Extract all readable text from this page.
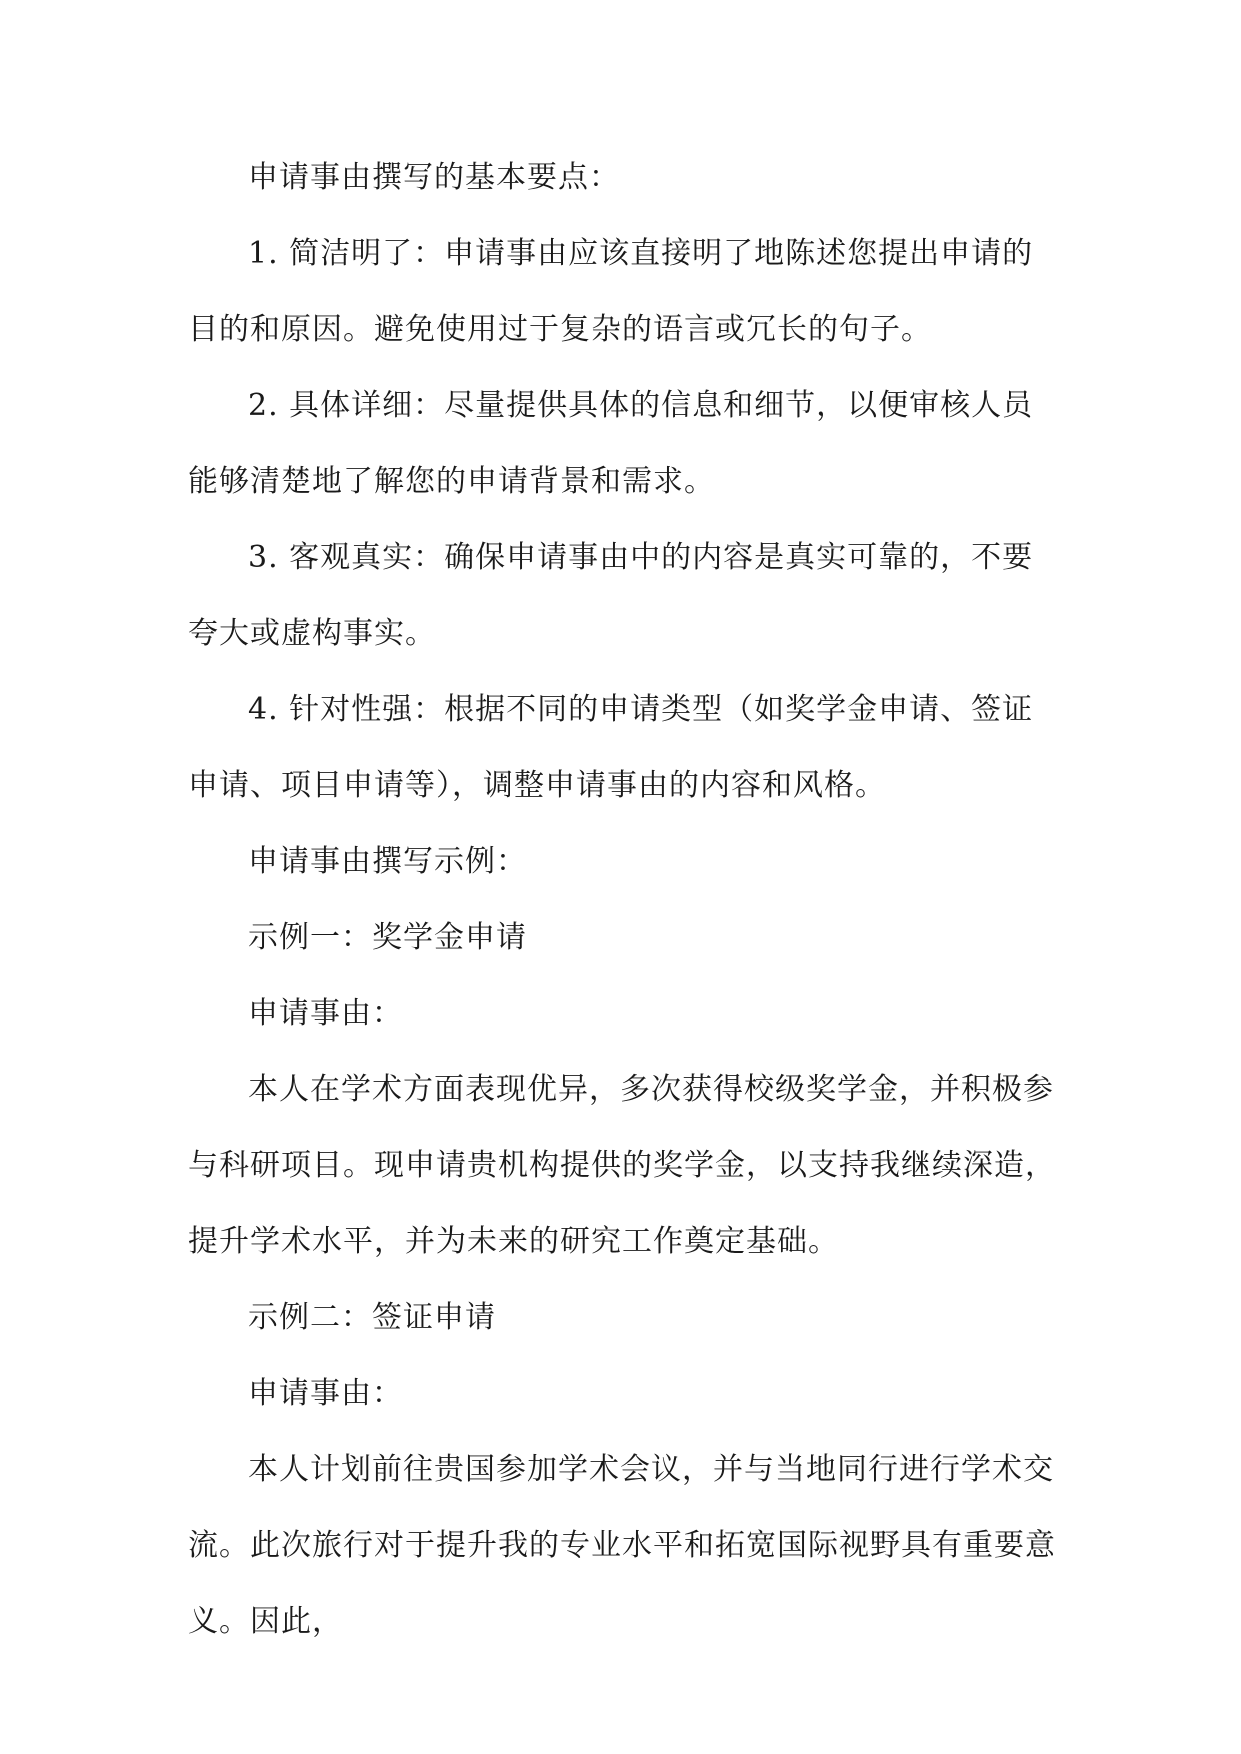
申请事由撰写的基本要点：

1. 简洁明了：申请事由应该直接明了地陈述您提出申请的目的和原因。避免使用过于复杂的语言或冗长的句子。

2. 具体详细：尽量提供具体的信息和细节，以便审核人员能够清楚地了解您的申请背景和需求。

3. 客观真实：确保申请事由中的内容是真实可靠的，不要夸大或虚构事实。

4. 针对性强：根据不同的申请类型（如奖学金申请、签证申请、项目申请等），调整申请事由的内容和风格。

申请事由撰写示例：

示例一：奖学金申请

申请事由：

本人在学术方面表现优异，多次获得校级奖学金，并积极参与科研项目。现申请贵机构提供的奖学金，以支持我继续深造，提升学术水平，并为未来的研究工作奠定基础。

示例二：签证申请

申请事由：

本人计划前往贵国参加学术会议，并与当地同行进行学术交流。此次旅行对于提升我的专业水平和拓宽国际视野具有重要意义。因此，
